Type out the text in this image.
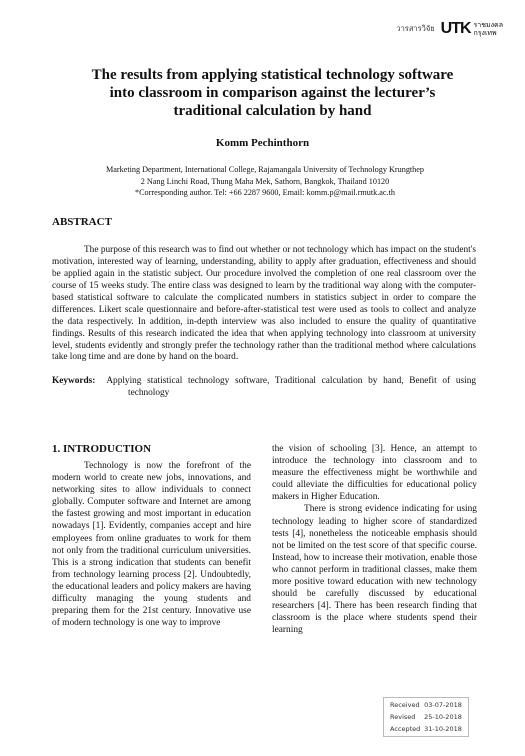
วารสารวิจัย UTK ราชมงคล
กรุงเทพ
The results from applying statistical technology software into classroom in comparison against the lecturer’s traditional calculation by hand
Komm Pechinthorn
Marketing Department, International College, Rajamangala University of Technology Krungthep
2 Nang Linchi Road, Thung Maha Mek, Sathorn, Bangkok, Thailand 10120
*Corresponding author. Tel: +66 2287 9600, Email: komm.p@mail.rmutk.ac.th
ABSTRACT

The purpose of this research was to find out whether or not technology which has impact on the student's motivation, interested way of learning, understanding, ability to apply after graduation, effectiveness and should be applied again in the statistic subject. Our procedure involved the completion of one real classroom over the course of 15 weeks study. The entire class was designed to learn by the traditional way along with the computer-based statistical software to calculate the complicated numbers in statistics subject in order to compare the differences. Likert scale questionnaire and before-after-statistical test were used as tools to collect and analyze the data respectively. In addition, in-depth interview was also included to ensure the quality of quantitative findings. Results of this research indicated the idea that when applying technology into classroom at university level, students evidently and strongly prefer the technology rather than the traditional method where calculations take long time and are done by hand on the board.

Keywords: Applying statistical technology software, Traditional calculation by hand, Benefit of using technology
1. INTRODUCTION

Technology is now the forefront of the modern world to create new jobs, innovations, and networking sites to allow individuals to connect globally. Computer software and Internet are among the fastest growing and most important in education nowadays [1]. Evidently, companies accept and hire employees from online graduates to work for them not only from the traditional curriculum universities. This is a strong indication that students can benefit from technology learning process [2]. Undoubtedly, the educational leaders and policy makers are having difficulty managing the young students and preparing them for the 21st century. Innovative use of modern technology is one way to improve

the vision of schooling [3]. Hence, an attempt to introduce the technology into classroom and to measure the effectiveness might be worthwhile and could alleviate the difficulties for educational policy makers in Higher Education.

There is strong evidence indicating for using technology leading to higher score of standardized tests [4], nonetheless the noticeable emphasis should not be limited on the test score of that specific course. Instead, how to increase their motivation, enable those who cannot perform in traditional classes, make them more positive toward education with new technology should be carefully discussed by educational researchers [4]. There has been research finding that classroom is the place where students spend their learning

Received 03-07-2018
Revised 25-10-2018
Accepted 31-10-2018
